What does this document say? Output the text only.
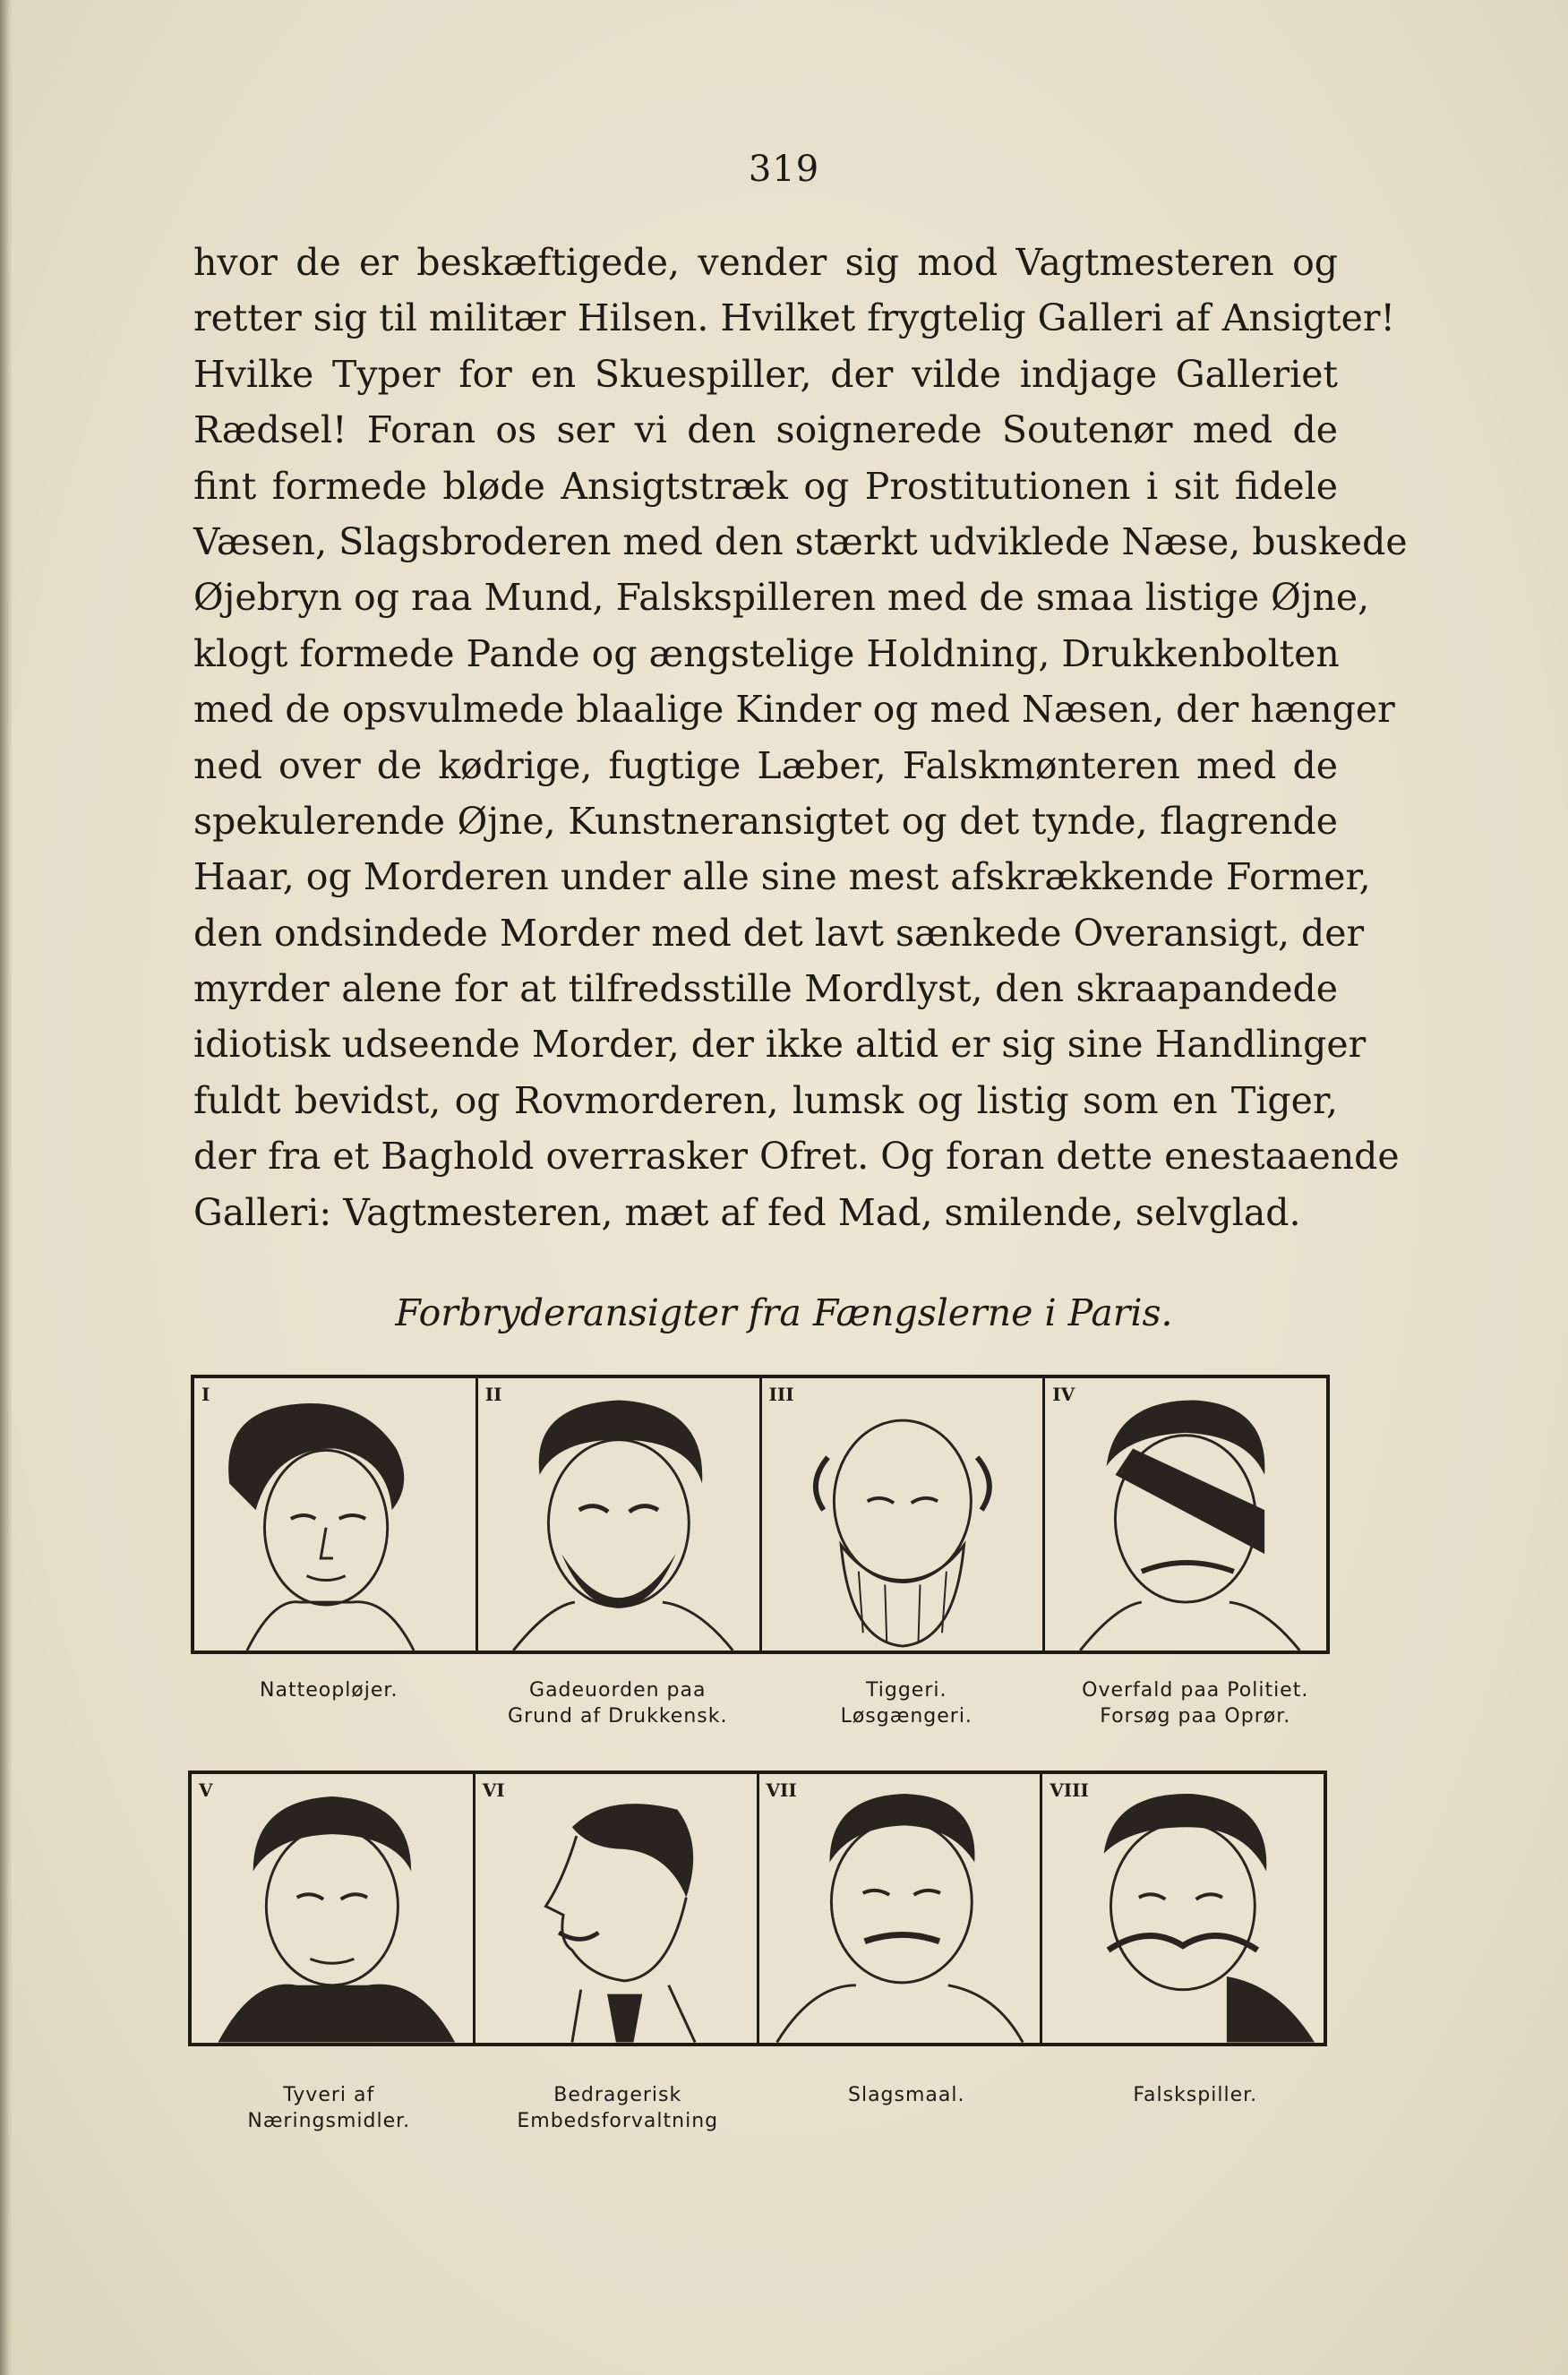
319
hvor de er beskæftigede, vender sig mod Vagtmesteren og
retter sig til militær Hilsen. Hvilket frygtelig Galleri af Ansigter!
Hvilke Typer for en Skuespiller, der vilde indjage Galleriet
Rædsel! Foran os ser vi den soignerede Soutenør med de
fint formede bløde Ansigtstræk og Prostitutionen i sit fidele
Væsen, Slagsbroderen med den stærkt udviklede Næse, buskede
Øjebryn og raa Mund, Falskspilleren med de smaa listige Øjne,
klogt formede Pande og ængstelige Holdning, Drukkenbolten
med de opsvulmede blaalige Kinder og med Næsen, der hænger
ned over de kødrige, fugtige Læber, Falskmønteren med de
spekulerende Øjne, Kunstneransigtet og det tynde, flagrende
Haar, og Morderen under alle sine mest afskrækkende Former,
den ondsindede Morder med det lavt sænkede Overansigt, der
myrder alene for at tilfredsstille Mordlyst, den skraapandede
idiotisk udseende Morder, der ikke altid er sig sine Handlinger
fuldt bevidst, og Rovmorderen, lumsk og listig som en Tiger,
der fra et Baghold overrasker Ofret. Og foran dette enestaaende
Galleri: Vagtmesteren, mæt af fed Mad, smilende, selvglad.
Forbryderansigter fra Fængslerne i Paris.
I	II	III	IV
Natteopløjer.	Gadeuorden paa
Grund af Drukkensk.
Tiggeri.
Løsgængeri.
Overfald paa Politiet.
Forsøg paa Oprør.
V	VI	VII	VIII
Tyveri af
Næringsmidler.
Bedragerisk
Embedsforvaltning
Slagsmaal.	Falskspiller.
